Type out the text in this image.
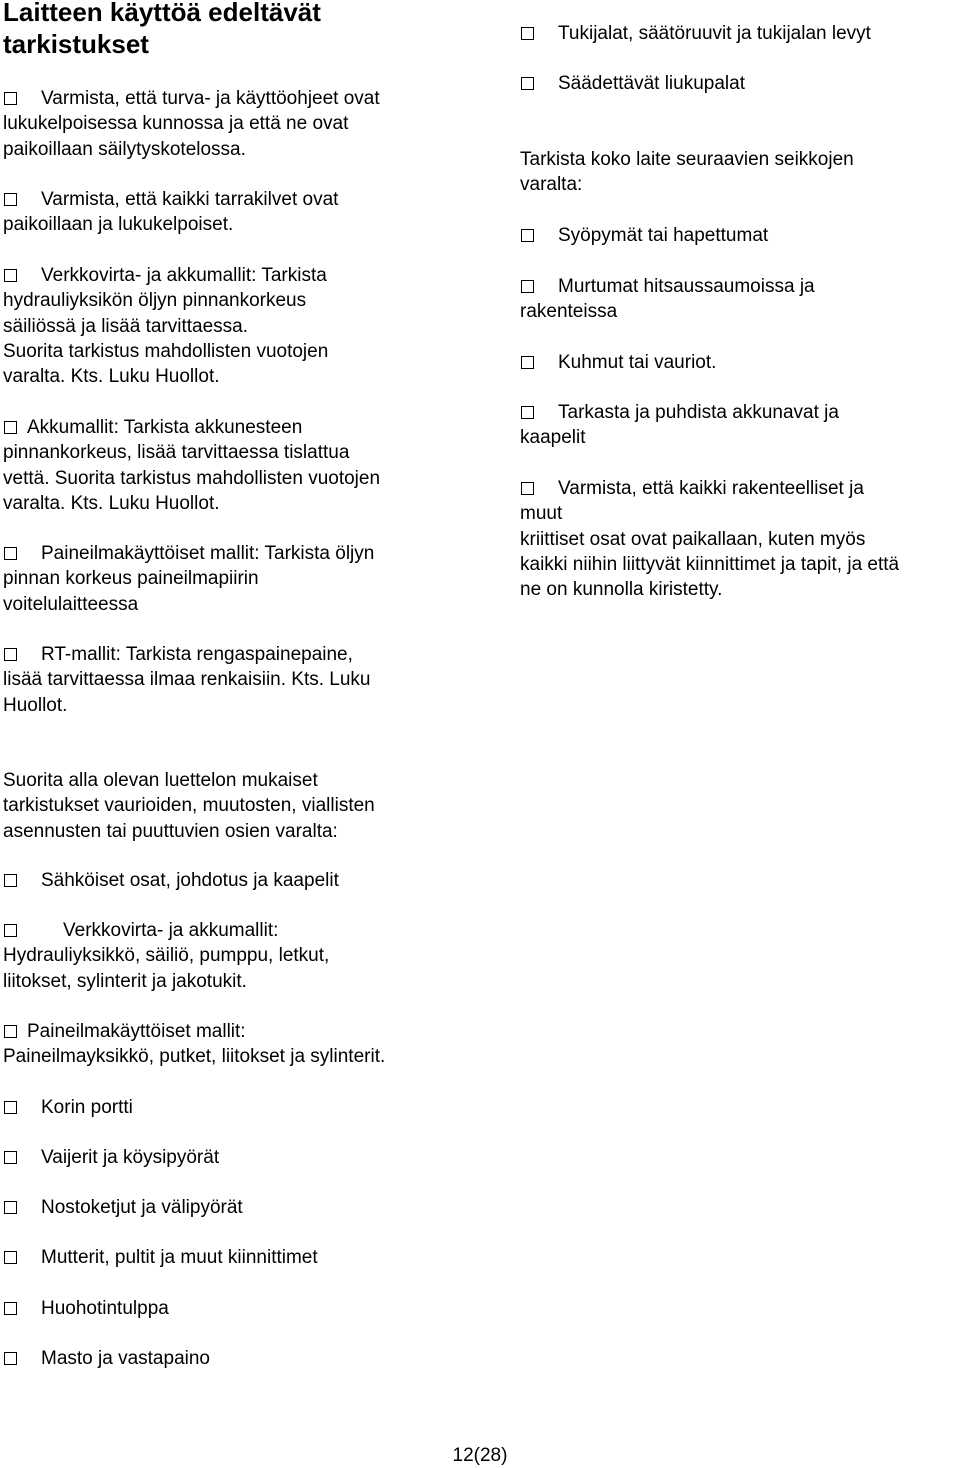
Laitteen käyttöä edeltävät tarkistukset
Varmista, että turva- ja käyttöohjeet ovat
lukukelpoisessa kunnossa ja että ne ovat
paikoillaan säilytyskotelossa.
Varmista, että kaikki tarrakilvet ovat
paikoillaan ja lukukelpoiset.
Verkkovirta- ja akkumallit: Tarkista
hydrauliyksikön öljyn pinnankorkeus
säiliössä ja lisää tarvittaessa.
Suorita tarkistus mahdollisten vuotojen
varalta. Kts. Luku Huollot.
Akkumallit: Tarkista akkunesteen
pinnankorkeus, lisää tarvittaessa tislattua
vettä. Suorita tarkistus mahdollisten vuotojen
varalta. Kts. Luku Huollot.
Paineilmakäyttöiset mallit: Tarkista öljyn
pinnan korkeus paineilmapiirin
voitelulaitteessa
RT-mallit: Tarkista rengaspainepaine,
lisää tarvittaessa ilmaa renkaisiin. Kts. Luku
Huollot.
Suorita alla olevan luettelon mukaiset
tarkistukset vaurioiden, muutosten, viallisten
asennusten tai puuttuvien osien varalta:
Sähköiset osat, johdotus ja kaapelit
Verkkovirta- ja akkumallit:
Hydrauliyksikkö, säiliö, pumppu, letkut,
liitokset, sylinterit ja jakotukit.
Paineilmakäyttöiset mallit:
Paineilmayksikkö, putket, liitokset ja sylinterit.
Korin portti
Vaijerit ja köysipyörät
Nostoketjut ja välipyörät
Mutterit, pultit ja muut kiinnittimet
Huohotintulppa
Masto ja vastapaino
Tukijalat, säätöruuvit ja tukijalan levyt
Säädettävät liukupalat
Tarkista koko laite seuraavien seikkojen
varalta:
Syöpymät tai hapettumat
Murtumat hitsaussaumoissa ja
rakenteissa
Kuhmut tai vauriot.
Tarkasta ja puhdista akkunavat ja
kaapelit
Varmista, että kaikki rakenteelliset ja
muut
kriittiset osat ovat paikallaan, kuten myös
kaikki niihin liittyvät kiinnittimet ja tapit, ja että
ne on kunnolla kiristetty.
12(28)
